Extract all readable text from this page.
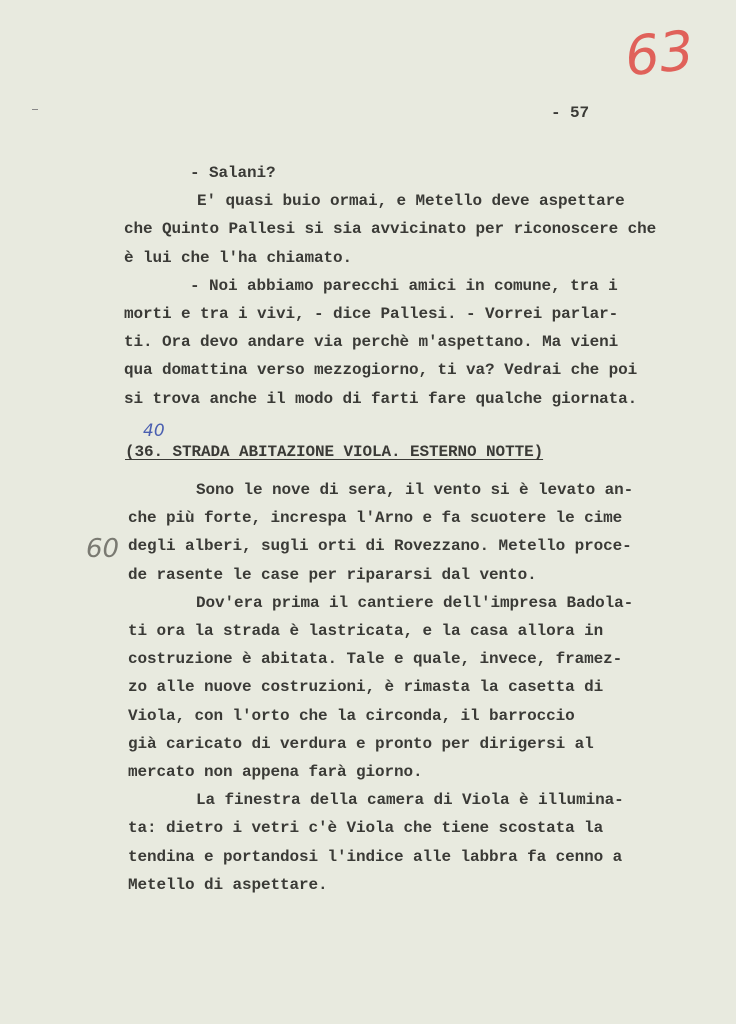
63
- 57
40
60
(36. STRADA ABITAZIONE VIOLA. ESTERNO NOTTE)
- Salani?
E' quasi buio ormai, e Metello deve aspettare
che Quinto Pallesi si sia avvicinato per riconoscere che
è lui che l'ha chiamato.
- Noi abbiamo parecchi amici in comune, tra i
morti e tra i vivi, - dice Pallesi. - Vorrei parlar-
ti. Ora devo andare via perchè m'aspettano. Ma vieni
qua domattina verso mezzogiorno, ti va? Vedrai che poi
si trova anche il modo di farti fare qualche giornata.
Sono le nove di sera, il vento si è levato an-
che più forte, increspa l'Arno e fa scuotere le cime
degli alberi, sugli orti di Rovezzano. Metello proce-
de rasente le case per ripararsi dal vento.
Dov'era prima il cantiere dell'impresa Badola-
ti ora la strada è lastricata, e la casa allora in
costruzione è abitata. Tale e quale, invece, framez-
zo alle nuove costruzioni, è rimasta la casetta di
Viola, con l'orto che la circonda, il barroccio
già caricato di verdura e pronto per dirigersi al
mercato non appena farà giorno.
La finestra della camera di Viola è illumina-
ta: dietro i vetri c'è Viola che tiene scostata la
tendina e portandosi l'indice alle labbra fa cenno a
Metello di aspettare.
